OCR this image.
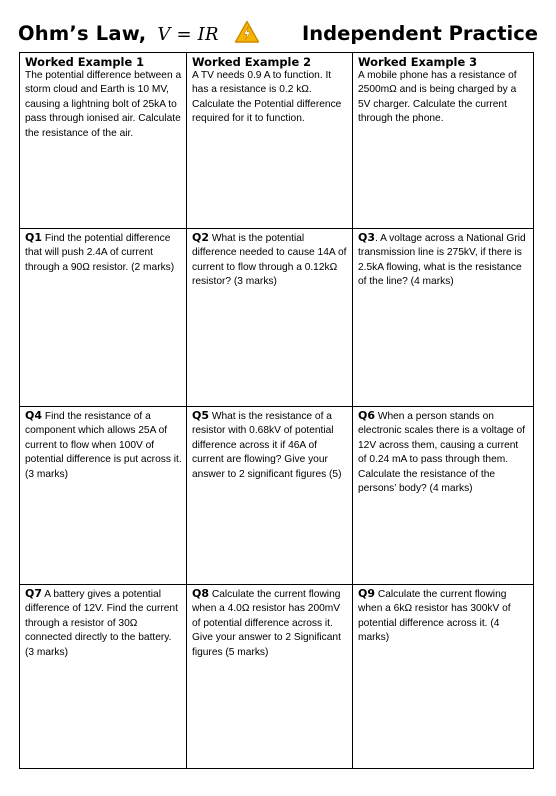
Ohm’s Law, V = IR	Independent Practice
Worked Example 1
The potential difference between a storm cloud and Earth is 10 MV, causing a lightning bolt of 25kA to pass through ionised air. Calculate the resistance of the air.
Worked Example 2
A TV needs 0.9 A to function. It has a resistance is 0.2 kΩ. Calculate the Potential difference required for it to function.
Worked Example 3
A mobile phone has a resistance of 2500mΩ and is being charged by a 5V charger. Calculate the current through the phone.
Q1 Find the potential difference that will push 2.4A of current through a 90Ω resistor. (2 marks)
Q2 What is the potential difference needed to cause 14A of current to flow through a 0.12kΩ resistor? (3 marks)
Q3. A voltage across a National Grid transmission line is 275kV, if there is 2.5kA flowing, what is the resistance of the line? (4 marks)
Q4 Find the resistance of a component which allows 25A of current to flow when 100V of potential difference is put across it. (3 marks)
Q5 What is the resistance of a resistor with 0.68kV of potential difference across it if 46A of current are flowing? Give your answer to 2 significant figures (5)
Q6 When a person stands on electronic scales there is a voltage of 12V across them, causing a current of 0.24 mA to pass through them. Calculate the resistance of the persons’ body? (4 marks)
Q7 A battery gives a potential difference of 12V. Find the current through a resistor of 30Ω connected directly to the battery. (3 marks)
Q8 Calculate the current flowing when a 4.0Ω resistor has 200mV of potential difference across it. Give your answer to 2 Significant figures (5 marks)
Q9 Calculate the current flowing when a 6kΩ resistor has 300kV of potential difference across it. (4 marks)
